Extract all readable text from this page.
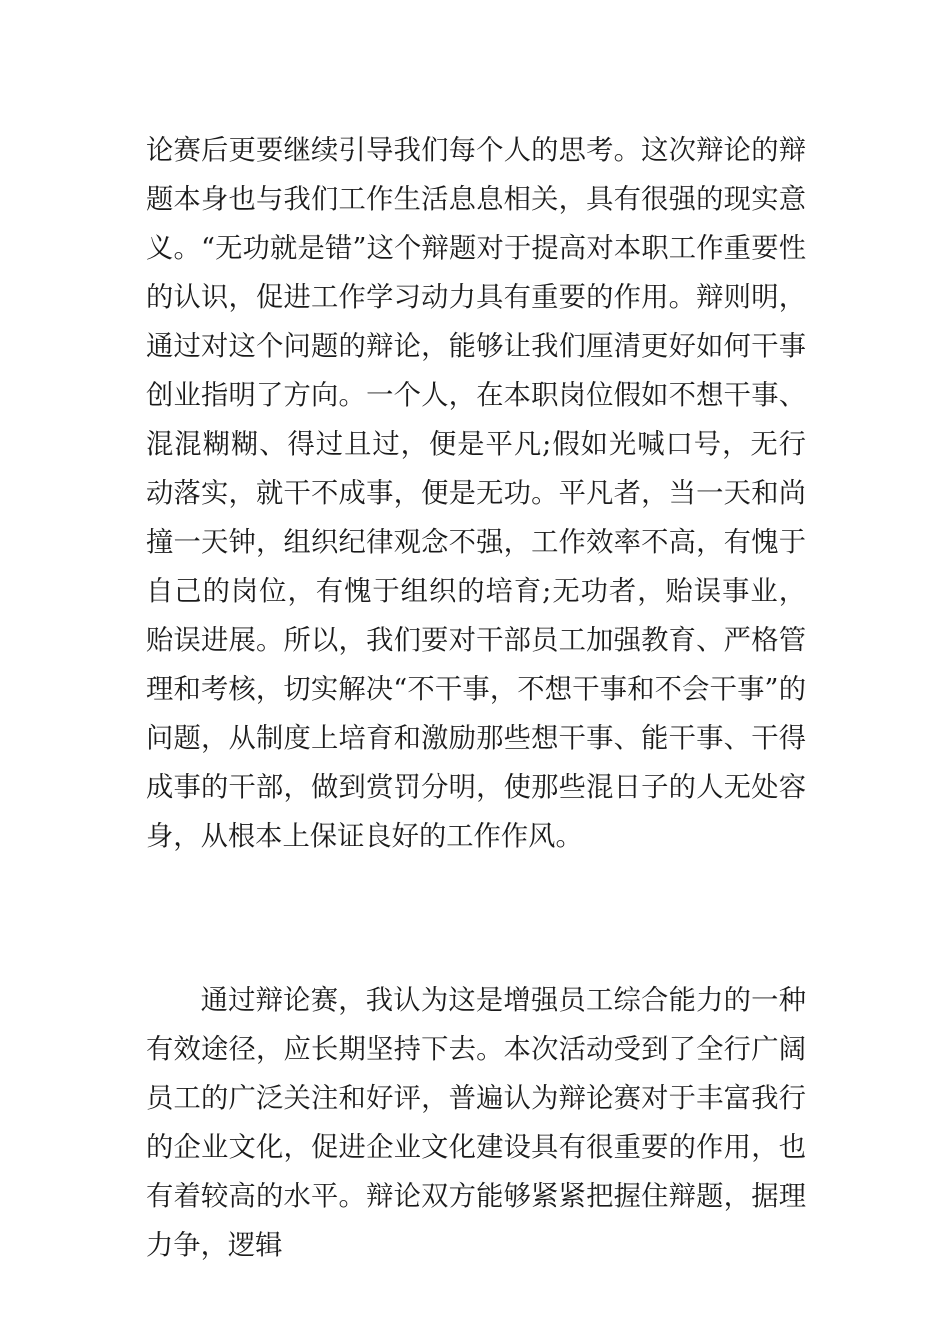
论赛后更要继续引导我们每个人的思考。这次辩论的辩题本身也与我们工作生活息息相关，具有很强的现实意义。“无功就是错”这个辩题对于提高对本职工作重要性的认识，促进工作学习动力具有重要的作用。辩则明，通过对这个问题的辩论，能够让我们厘清更好如何干事创业指明了方向。一个人，在本职岗位假如不想干事、混混糊糊、得过且过，便是平凡;假如光喊口号，无行动落实，就干不成事，便是无功。平凡者，当一天和尚撞一天钟，组织纪律观念不强，工作效率不高，有愧于自己的岗位，有愧于组织的培育;无功者，贻误事业，贻误进展。所以，我们要对干部员工加强教育、严格管理和考核，切实解决“不干事，不想干事和不会干事”的问题，从制度上培育和激励那些想干事、能干事、干得成事的干部，做到赏罚分明，使那些混日子的人无处容身，从根本上保证良好的工作作风。

通过辩论赛，我认为这是增强员工综合能力的一种有效途径，应长期坚持下去。本次活动受到了全行广阔员工的广泛关注和好评，普遍认为辩论赛对于丰富我行的企业文化，促进企业文化建设具有很重要的作用，也有着较高的水平。辩论双方能够紧紧把握住辩题，据理力争，逻辑
